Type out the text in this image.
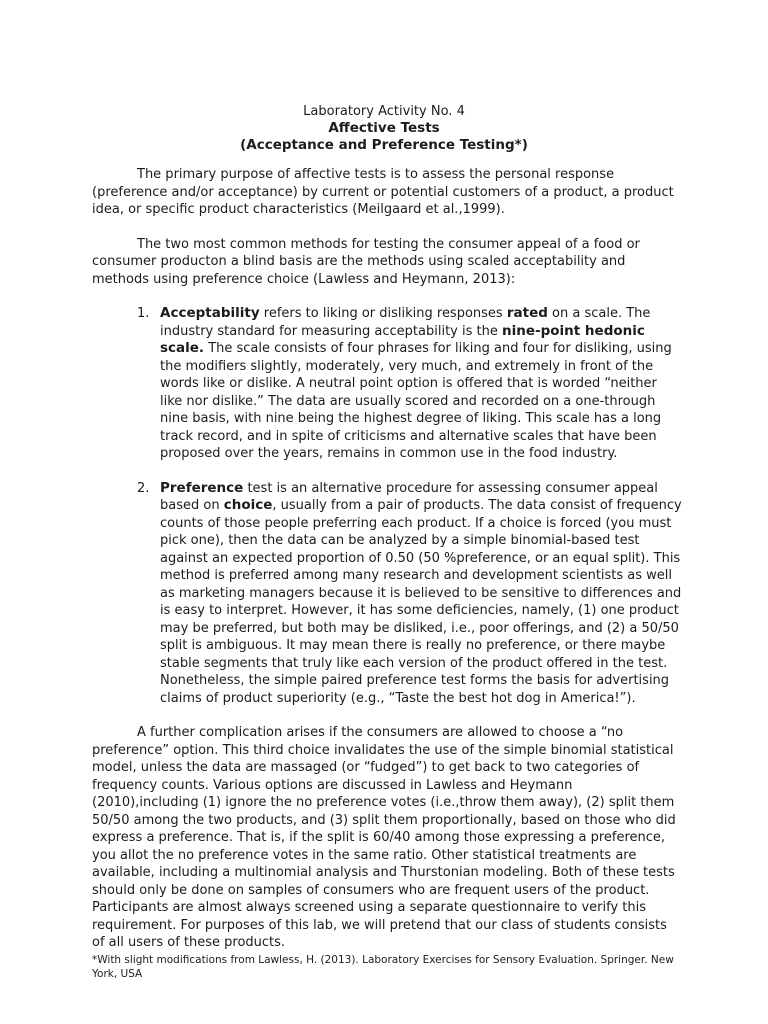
Laboratory Activity No. 4
Affective Tests
(Acceptance and Preference Testing*)

The primary purpose of affective tests is to assess the personal response (preference and/or acceptance) by current or potential customers of a product, a product idea, or specific product characteristics (Meilgaard et al.,1999).

The two most common methods for testing the consumer appeal of a food or consumer producton a blind basis are the methods using scaled acceptability and methods using preference choice (Lawless and Heymann, 2013):

1. Acceptability refers to liking or disliking responses rated on a scale. The industry standard for measuring acceptability is the nine-point hedonic scale. The scale consists of four phrases for liking and four for disliking, using the modifiers slightly, moderately, very much, and extremely in front of the words like or dislike. A neutral point option is offered that is worded “neither like nor dislike.” The data are usually scored and recorded on a one-through nine basis, with nine being the highest degree of liking. This scale has a long track record, and in spite of criticisms and alternative scales that have been proposed over the years, remains in common use in the food industry.
2. Preference test is an alternative procedure for assessing consumer appeal based on choice, usually from a pair of products. The data consist of frequency counts of those people preferring each product. If a choice is forced (you must pick one), then the data can be analyzed by a simple binomial-based test against an expected proportion of 0.50 (50 %preference, or an equal split). This method is preferred among many research and development scientists as well as marketing managers because it is believed to be sensitive to differences and is easy to interpret. However, it has some deficiencies, namely, (1) one product may be preferred, but both may be disliked, i.e., poor offerings, and (2) a 50/50 split is ambiguous. It may mean there is really no preference, or there maybe stable segments that truly like each version of the product offered in the test. Nonetheless, the simple paired preference test forms the basis for advertising claims of product superiority (e.g., “Taste the best hot dog in America!”).

A further complication arises if the consumers are allowed to choose a “no preference” option. This third choice invalidates the use of the simple binomial statistical model, unless the data are massaged (or “fudged”) to get back to two categories of frequency counts. Various options are discussed in Lawless and Heymann (2010),including (1) ignore the no preference votes (i.e.,throw them away), (2) split them 50/50 among the two products, and (3) split them proportionally, based on those who did express a preference. That is, if the split is 60/40 among those expressing a preference, you allot the no preference votes in the same ratio. Other statistical treatments are available, including a multinomial analysis and Thurstonian modeling. Both of these tests should only be done on samples of consumers who are frequent users of the product. Participants are almost always screened using a separate questionnaire to verify this requirement. For purposes of this lab, we will pretend that our class of students consists of all users of these products.

*With slight modifications from Lawless, H. (2013). Laboratory Exercises for Sensory Evaluation. Springer. New York, USA
